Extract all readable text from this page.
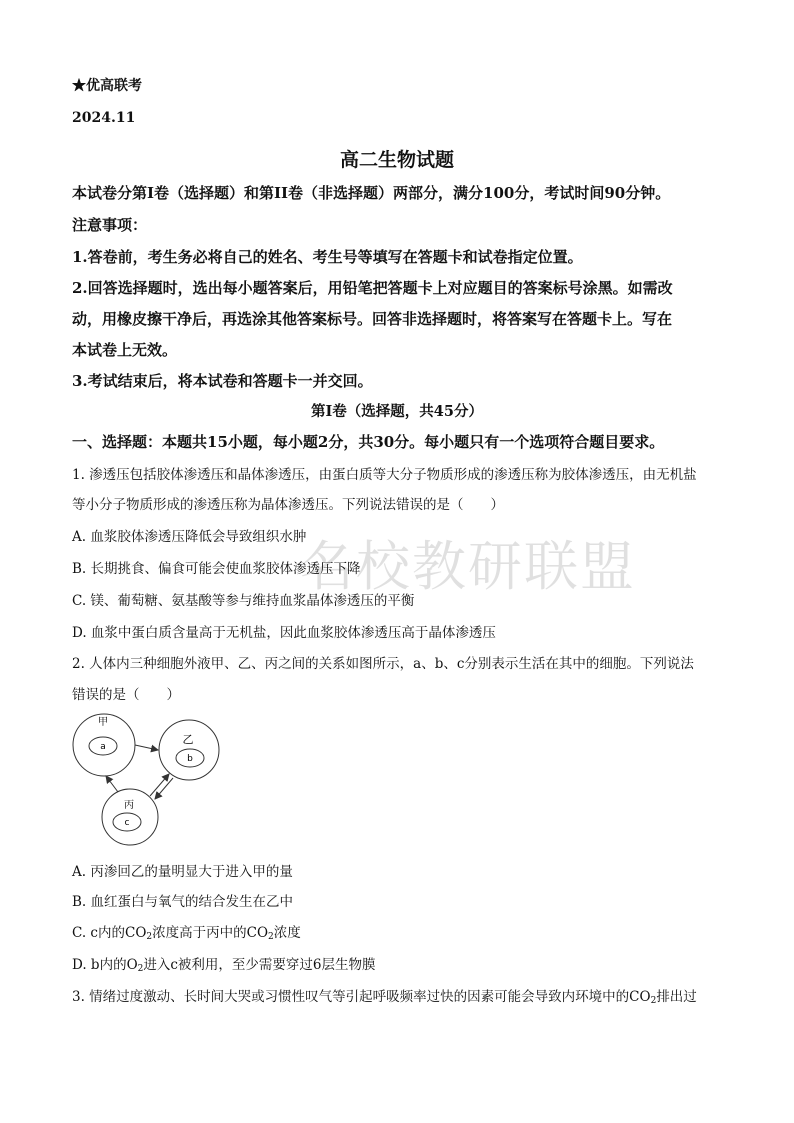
名校教研联盟
★优高联考
2024.11
高二生物试题
本试卷分第I卷（选择题）和第II卷（非选择题）两部分，满分100分，考试时间90分钟。
注意事项：
1.答卷前，考生务必将自己的姓名、考生号等填写在答题卡和试卷指定位置。
2.回答选择题时，选出每小题答案后，用铅笔把答题卡上对应题目的答案标号涂黑。如需改
动，用橡皮擦干净后，再选涂其他答案标号。回答非选择题时，将答案写在答题卡上。写在
本试卷上无效。
3.考试结束后，将本试卷和答题卡一并交回。
第I卷（选择题，共45分）
一、选择题：本题共15小题，每小题2分，共30分。每小题只有一个选项符合题目要求。
1. 渗透压包括胶体渗透压和晶体渗透压，由蛋白质等大分子物质形成的渗透压称为胶体渗透压，由无机盐
等小分子物质形成的渗透压称为晶体渗透压。下列说法错误的是（　　）
A. 血浆胶体渗透压降低会导致组织水肿
B. 长期挑食、偏食可能会使血浆胶体渗透压下降
C. 镁、葡萄糖、氨基酸等参与维持血浆晶体渗透压的平衡
D. 血浆中蛋白质含量高于无机盐，因此血浆胶体渗透压高于晶体渗透压
2. 人体内三种细胞外液甲、乙、丙之间的关系如图所示，a、b、c分别表示生活在其中的细胞。下列说法
错误的是（　　）
甲
a
乙
b
丙
c
A. 丙渗回乙的量明显大于进入甲的量
B. 血红蛋白与氧气的结合发生在乙中
C. c内的$CO_2$浓度高于丙中的$CO_2$浓度
D. b内的$O_2$进入c被利用，至少需要穿过6层生物膜
3. 情绪过度激动、长时间大哭或习惯性叹气等引起呼吸频率过快的因素可能会导致内环境中的$CO_2$排出过
